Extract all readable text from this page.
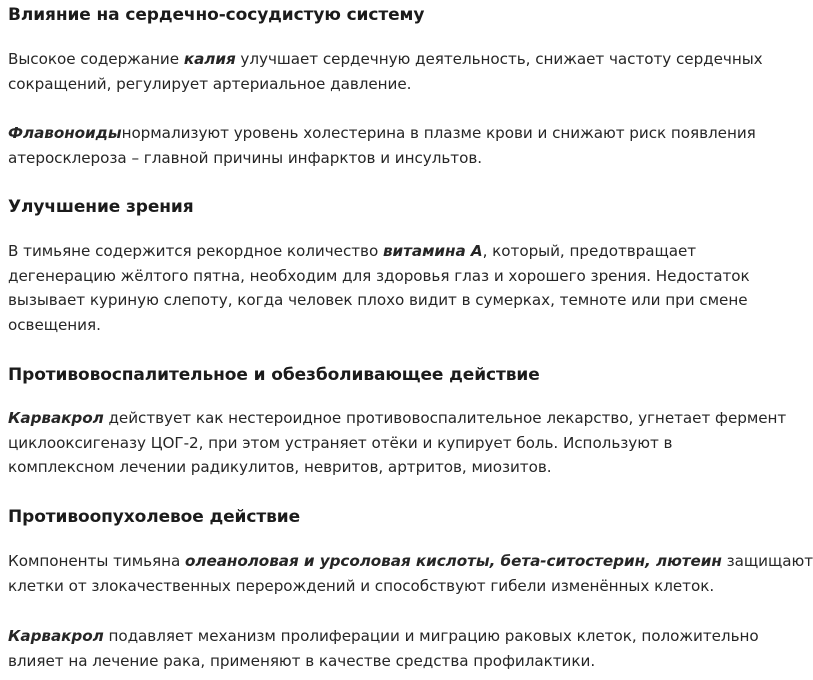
Влияние на сердечно-сосудистую систему

Высокое содержание калия улучшает сердечную деятельность, снижает частоту сердечных
сокращений, регулирует артериальное давление.

Флавоноидынормализуют уровень холестерина в плазме крови и снижают риск появления
атеросклероза – главной причины инфарктов и инсультов.

Улучшение зрения

В тимьяне содержится рекордное количество витамина А, который, предотвращает
дегенерацию жёлтого пятна, необходим для здоровья глаз и хорошего зрения. Недостаток
вызывает куриную слепоту, когда человек плохо видит в сумерках, темноте или при смене
освещения.

Противовоспалительное и обезболивающее действие

Карвакрол действует как нестероидное противовоспалительное лекарство, угнетает фермент
циклооксигеназу ЦОГ-2, при этом устраняет отёки и купирует боль. Используют в
комплексном лечении радикулитов, невритов, артритов, миозитов.

Противоопухолевое действие

Компоненты тимьяна олеаноловая и урсоловая кислоты, бета-ситостерин, лютеин защищают
клетки от злокачественных перерождений и способствуют гибели изменённых клеток.

Карвакрол подавляет механизм пролиферации и миграцию раковых клеток, положительно
влияет на лечение рака, применяют в качестве средства профилактики.
